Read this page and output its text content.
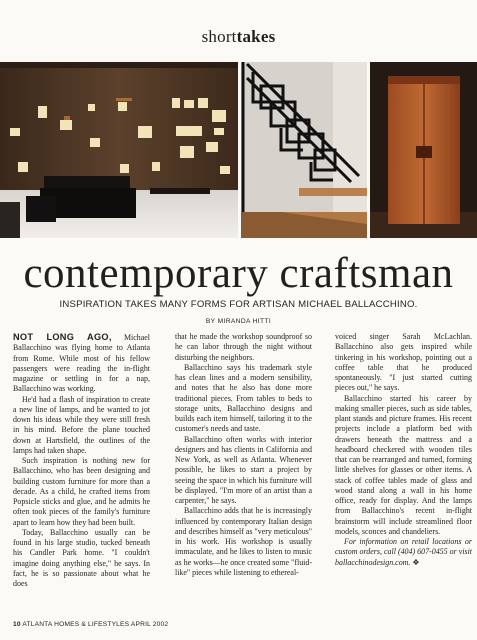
shorttakes
contemporary craftsman
INSPIRATION TAKES MANY FORMS FOR ARTISAN MICHAEL BALLACCHINO.
BY MIRANDA HITTI

NOT LONG AGO, Michael Ballacchino was flying home to Atlanta from Rome. While most of his fellow passengers were reading the in-flight magazine or settling in for a nap, Ballacchino was working.

He'd had a flash of inspiration to create a new line of lamps, and he wanted to jot down his ideas while they were still fresh in his mind. Before the plane touched down at Hartsfield, the outlines of the lamps had taken shape.

Such inspiration is nothing new for Ballacchino, who has been designing and building custom furniture for more than a decade. As a child, he crafted items from Popsicle sticks and glue, and he admits he often took pieces of the family's furniture apart to learn how they had been built.

Today, Ballacchino usually can be found in his large studio, tucked beneath his Candler Park home. "I couldn't imagine doing anything else," he says. In fact, he is so passionate about what he does

that he made the workshop soundproof so he can labor through the night without disturbing the neighbors.

Ballacchino says his trademark style has clean lines and a modern sensibility, and notes that he also has done more traditional pieces. From tables to beds to storage units, Ballacchino designs and builds each item himself, tailoring it to the customer's needs and taste.

Ballacchino often works with interior designers and has clients in California and New York, as well as Atlanta. Whenever possible, he likes to start a project by seeing the space in which his furniture will be displayed. "I'm more of an artist than a carpenter," he says.

Ballacchino adds that he is increasingly influenced by contemporary Italian design and describes himself as "very meticulous" in his work. His workshop is usually immaculate, and he likes to listen to music as he works—he once created some "fluid-like" pieces while listening to ethereal-

voiced singer Sarah McLachlan. Ballacchino also gets inspired while tinkering in his workshop, pointing out a coffee table that he produced spontaneously. "I just started cutting pieces out," he says.

Ballacchino started his career by making smaller pieces, such as side tables, plant stands and picture frames. His recent projects include a platform bed with drawers beneath the mattress and a headboard checkered with wooden tiles that can be rearranged and turned, forming little shelves for glasses or other items. A stack of coffee tables made of glass and wood stand along a wall in his home office, ready for display. And the lamps from Ballacchino's recent in-flight brainstorm will include streamlined floor models, sconces and chandeliers.

For information on retail locations or custom orders, call (404) 607-0455 or visit ballacchinodesign.com. ❖

10 ATLANTA HOMES & LIFESTYLES APRIL 2002
